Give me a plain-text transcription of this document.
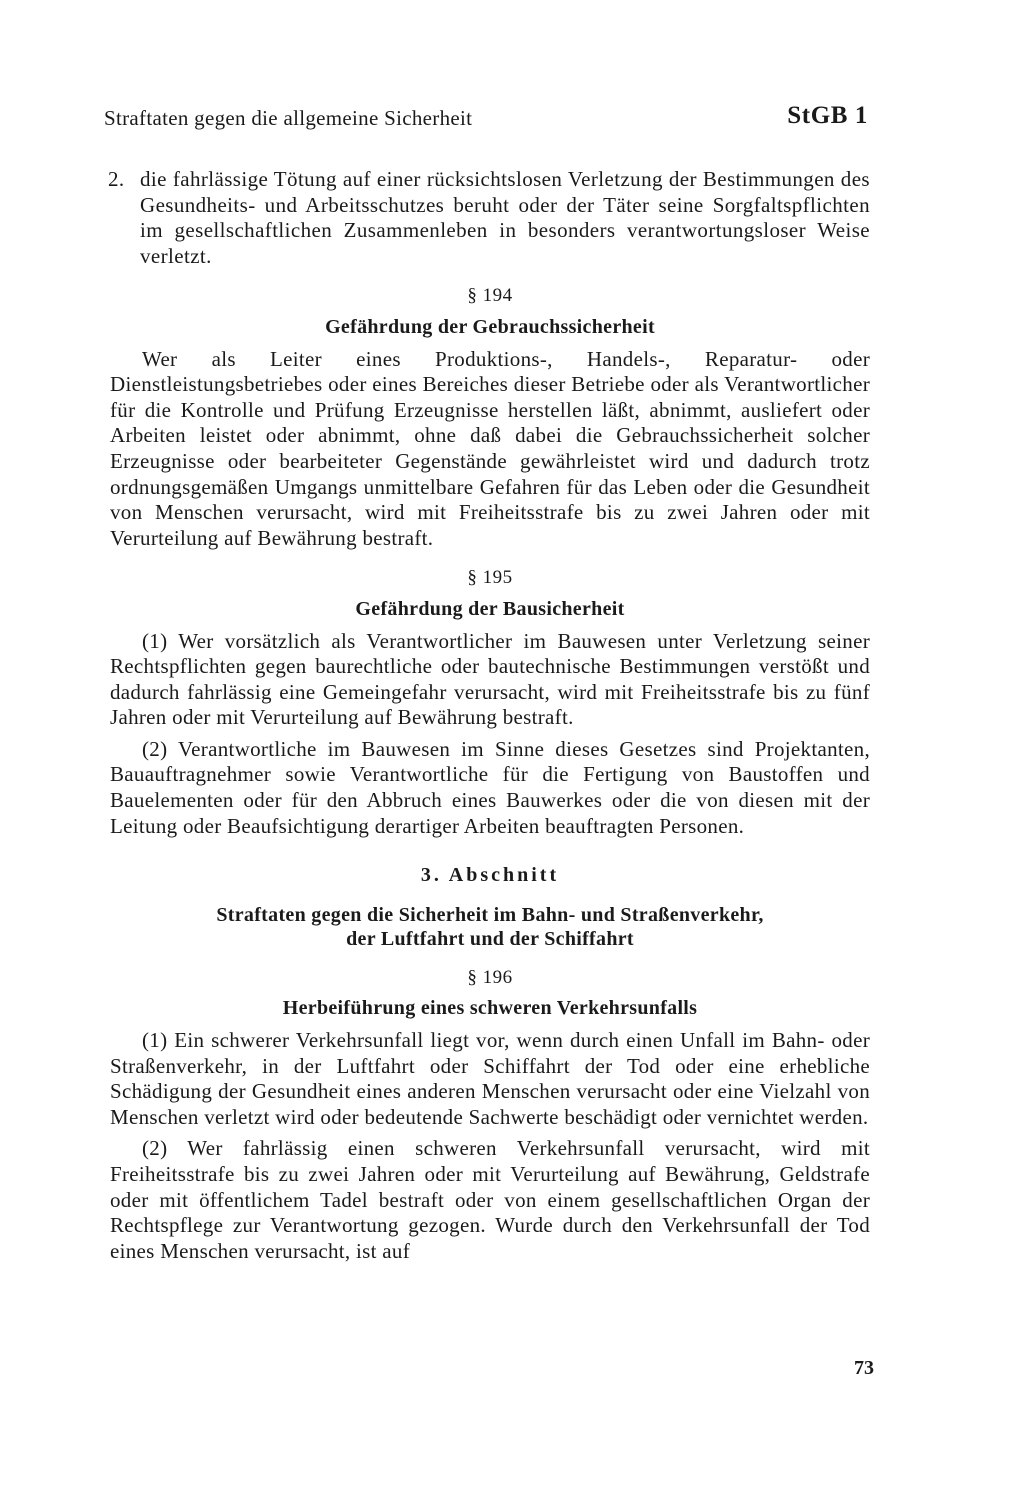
Straftaten gegen die allgemeine Sicherheit	StGB 1

2. die fahrlässige Tötung auf einer rücksichtslosen Verletzung der Bestimmungen des Gesundheits- und Arbeitsschutzes beruht oder der Täter seine Sorgfaltspflichten im gesellschaftlichen Zusammenleben in besonders verantwortungsloser Weise verletzt.

§ 194
Gefährdung der Gebrauchssicherheit

Wer als Leiter eines Produktions-, Handels-, Reparatur- oder Dienstleistungsbetriebes oder eines Bereiches dieser Betriebe oder als Verantwortlicher für die Kontrolle und Prüfung Erzeugnisse herstellen läßt, abnimmt, ausliefert oder Arbeiten leistet oder abnimmt, ohne daß dabei die Gebrauchssicherheit solcher Erzeugnisse oder bearbeiteter Gegenstände gewährleistet wird und dadurch trotz ordnungsgemäßen Umgangs unmittelbare Gefahren für das Leben oder die Gesundheit von Menschen verursacht, wird mit Freiheitsstrafe bis zu zwei Jahren oder mit Verurteilung auf Bewährung bestraft.

§ 195
Gefährdung der Bausicherheit

(1) Wer vorsätzlich als Verantwortlicher im Bauwesen unter Verletzung seiner Rechtspflichten gegen baurechtliche oder bautechnische Bestimmungen verstößt und dadurch fahrlässig eine Gemeingefahr verursacht, wird mit Freiheitsstrafe bis zu fünf Jahren oder mit Verurteilung auf Bewährung bestraft.

(2) Verantwortliche im Bauwesen im Sinne dieses Gesetzes sind Projektanten, Bauauftragnehmer sowie Verantwortliche für die Fertigung von Baustoffen und Bauelementen oder für den Abbruch eines Bauwerkes oder die von diesen mit der Leitung oder Beaufsichtigung derartiger Arbeiten beauftragten Personen.

3. Abschnitt
Straftaten gegen die Sicherheit im Bahn- und Straßenverkehr,
der Luftfahrt und der Schiffahrt
§ 196
Herbeiführung eines schweren Verkehrsunfalls

(1) Ein schwerer Verkehrsunfall liegt vor, wenn durch einen Unfall im Bahn- oder Straßenverkehr, in der Luftfahrt oder Schiffahrt der Tod oder eine erhebliche Schädigung der Gesundheit eines anderen Menschen verursacht oder eine Vielzahl von Menschen verletzt wird oder bedeutende Sachwerte beschädigt oder vernichtet werden.

(2) Wer fahrlässig einen schweren Verkehrsunfall verursacht, wird mit Freiheitsstrafe bis zu zwei Jahren oder mit Verurteilung auf Bewährung, Geldstrafe oder mit öffentlichem Tadel bestraft oder von einem gesellschaftlichen Organ der Rechtspflege zur Verantwortung gezogen. Wurde durch den Verkehrsunfall der Tod eines Menschen verursacht, ist auf

73
